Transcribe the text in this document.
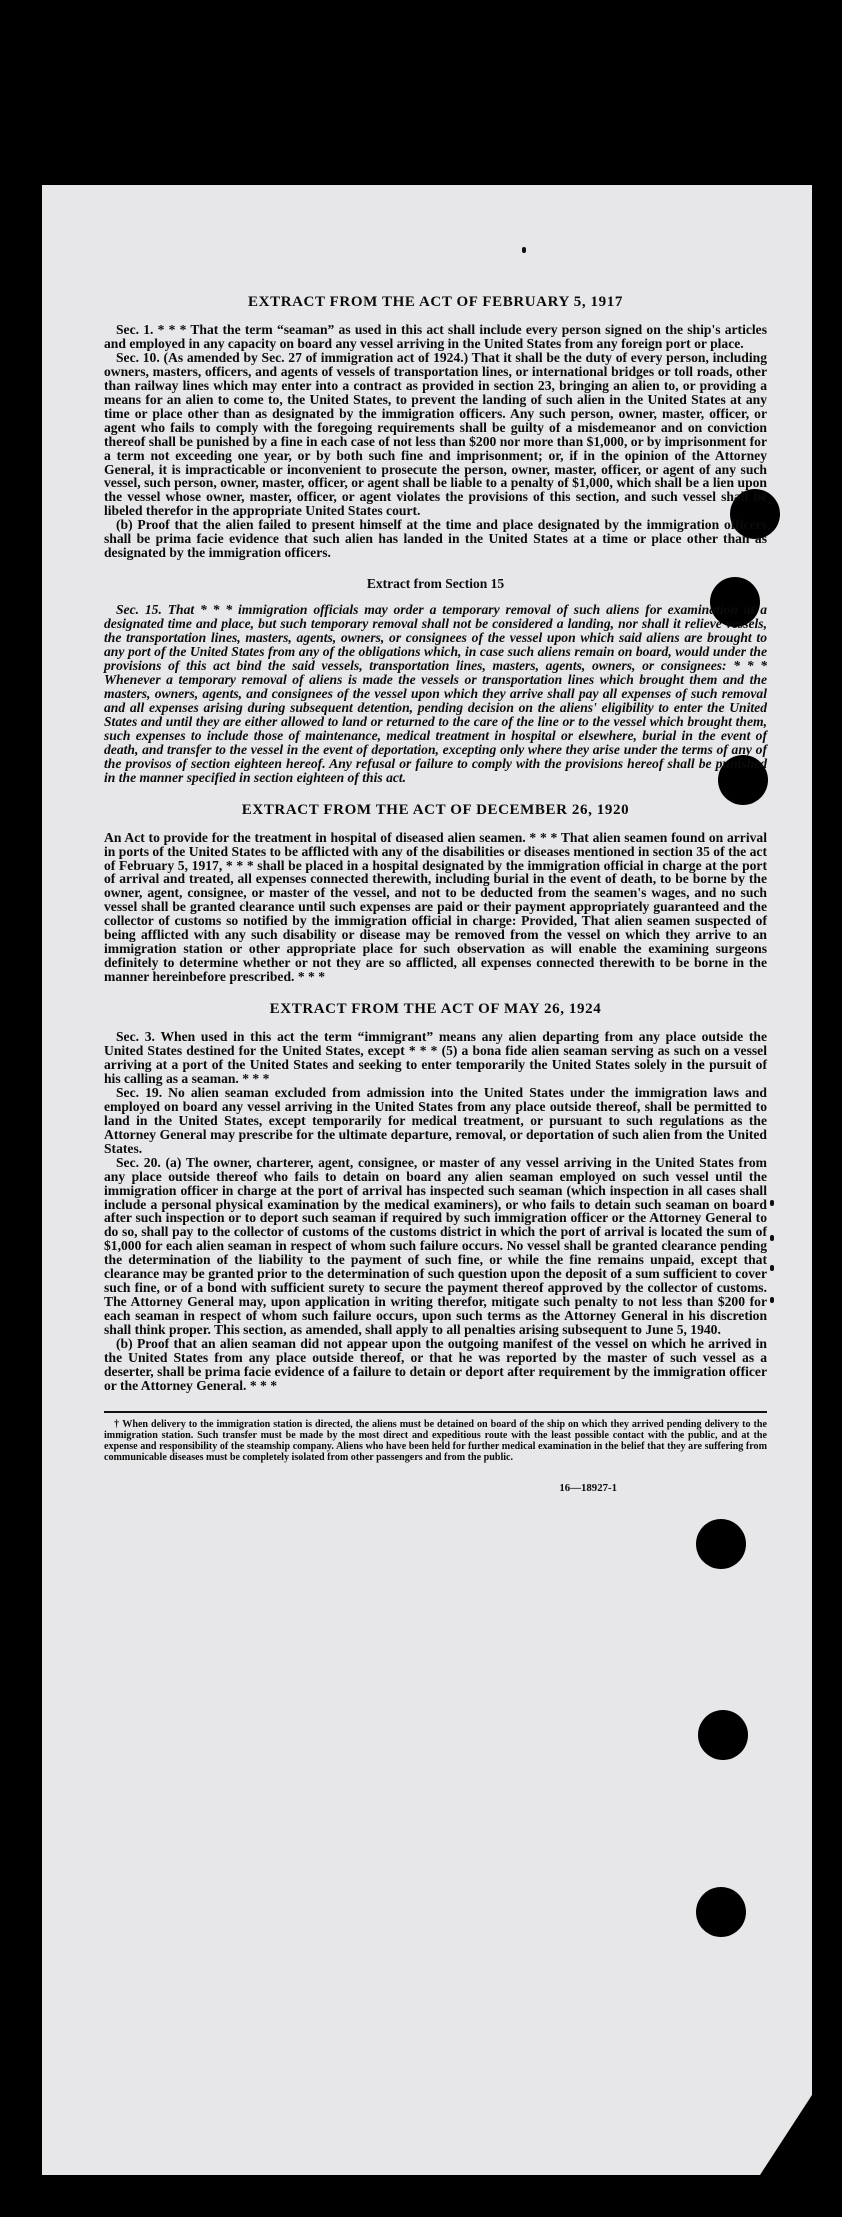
EXTRACT FROM THE ACT OF FEBRUARY 5, 1917

Sec. 1. * * * That the term “seaman” as used in this act shall include every person signed on the ship's articles and employed in any capacity on board any vessel arriving in the United States from any foreign port or place.

Sec. 10. (As amended by Sec. 27 of immigration act of 1924.) That it shall be the duty of every person, including owners, masters, officers, and agents of vessels of transportation lines, or international bridges or toll roads, other than railway lines which may enter into a contract as provided in section 23, bringing an alien to, or providing a means for an alien to come to, the United States, to prevent the landing of such alien in the United States at any time or place other than as designated by the immigration officers. Any such person, owner, master, officer, or agent who fails to comply with the foregoing requirements shall be guilty of a misdemeanor and on conviction thereof shall be punished by a fine in each case of not less than $200 nor more than $1,000, or by imprisonment for a term not exceeding one year, or by both such fine and imprisonment; or, if in the opinion of the Attorney General, it is impracticable or inconvenient to prosecute the person, owner, master, officer, or agent of any such vessel, such person, owner, master, officer, or agent shall be liable to a penalty of $1,000, which shall be a lien upon the vessel whose owner, master, officer, or agent violates the provisions of this section, and such vessel shall be libeled therefor in the appropriate United States court.

(b) Proof that the alien failed to present himself at the time and place designated by the immigration officers shall be prima facie evidence that such alien has landed in the United States at a time or place other than as designated by the immigration officers.

Extract from Section 15

Sec. 15. That * * * immigration officials may order a temporary removal of such aliens for examination at a designated time and place, but such temporary removal shall not be considered a landing, nor shall it relieve vessels, the transportation lines, masters, agents, owners, or consignees of the vessel upon which said aliens are brought to any port of the United States from any of the obligations which, in case such aliens remain on board, would under the provisions of this act bind the said vessels, transportation lines, masters, agents, owners, or consignees: * * * Whenever a temporary removal of aliens is made the vessels or transportation lines which brought them and the masters, owners, agents, and consignees of the vessel upon which they arrive shall pay all expenses of such removal and all expenses arising during subsequent detention, pending decision on the aliens' eligibility to enter the United States and until they are either allowed to land or returned to the care of the line or to the vessel which brought them, such expenses to include those of maintenance, medical treatment in hospital or elsewhere, burial in the event of death, and transfer to the vessel in the event of deportation, excepting only where they arise under the terms of any of the provisos of section eighteen hereof. Any refusal or failure to comply with the provisions hereof shall be punished in the manner specified in section eighteen of this act.

EXTRACT FROM THE ACT OF DECEMBER 26, 1920

An Act to provide for the treatment in hospital of diseased alien seamen. * * * That alien seamen found on arrival in ports of the United States to be afflicted with any of the disabilities or diseases mentioned in section 35 of the act of February 5, 1917, * * * shall be placed in a hospital designated by the immigration official in charge at the port of arrival and treated, all expenses connected therewith, including burial in the event of death, to be borne by the owner, agent, consignee, or master of the vessel, and not to be deducted from the seamen's wages, and no such vessel shall be granted clearance until such expenses are paid or their payment appropriately guaranteed and the collector of customs so notified by the immigration official in charge: Provided, That alien seamen suspected of being afflicted with any such disability or disease may be removed from the vessel on which they arrive to an immigration station or other appropriate place for such observation as will enable the examining surgeons definitely to determine whether or not they are so afflicted, all expenses connected therewith to be borne in the manner hereinbefore prescribed. * * *

EXTRACT FROM THE ACT OF MAY 26, 1924

Sec. 3. When used in this act the term “immigrant” means any alien departing from any place outside the United States destined for the United States, except * * * (5) a bona fide alien seaman serving as such on a vessel arriving at a port of the United States and seeking to enter temporarily the United States solely in the pursuit of his calling as a seaman. * * *

Sec. 19. No alien seaman excluded from admission into the United States under the immigration laws and employed on board any vessel arriving in the United States from any place outside thereof, shall be permitted to land in the United States, except temporarily for medical treatment, or pursuant to such regulations as the Attorney General may prescribe for the ultimate departure, removal, or deportation of such alien from the United States.

Sec. 20. (a) The owner, charterer, agent, consignee, or master of any vessel arriving in the United States from any place outside thereof who fails to detain on board any alien seaman employed on such vessel until the immigration officer in charge at the port of arrival has inspected such seaman (which inspection in all cases shall include a personal physical examination by the medical examiners), or who fails to detain such seaman on board after such inspection or to deport such seaman if required by such immigration officer or the Attorney General to do so, shall pay to the collector of customs of the customs district in which the port of arrival is located the sum of $1,000 for each alien seaman in respect of whom such failure occurs. No vessel shall be granted clearance pending the determination of the liability to the payment of such fine, or while the fine remains unpaid, except that clearance may be granted prior to the determination of such question upon the deposit of a sum sufficient to cover such fine, or of a bond with sufficient surety to secure the payment thereof approved by the collector of customs. The Attorney General may, upon application in writing therefor, mitigate such penalty to not less than $200 for each seaman in respect of whom such failure occurs, upon such terms as the Attorney General in his discretion shall think proper. This section, as amended, shall apply to all penalties arising subsequent to June 5, 1940.

(b) Proof that an alien seaman did not appear upon the outgoing manifest of the vessel on which he arrived in the United States from any place outside thereof, or that he was reported by the master of such vessel as a deserter, shall be prima facie evidence of a failure to detain or deport after requirement by the immigration officer or the Attorney General. * * *

† When delivery to the immigration station is directed, the aliens must be detained on board of the ship on which they arrived pending delivery to the immigration station. Such transfer must be made by the most direct and expeditious route with the least possible contact with the public, and at the expense and responsibility of the steamship company. Aliens who have been held for further medical examination in the belief that they are suffering from communicable diseases must be completely isolated from other passengers and from the public.

16—18927-1
